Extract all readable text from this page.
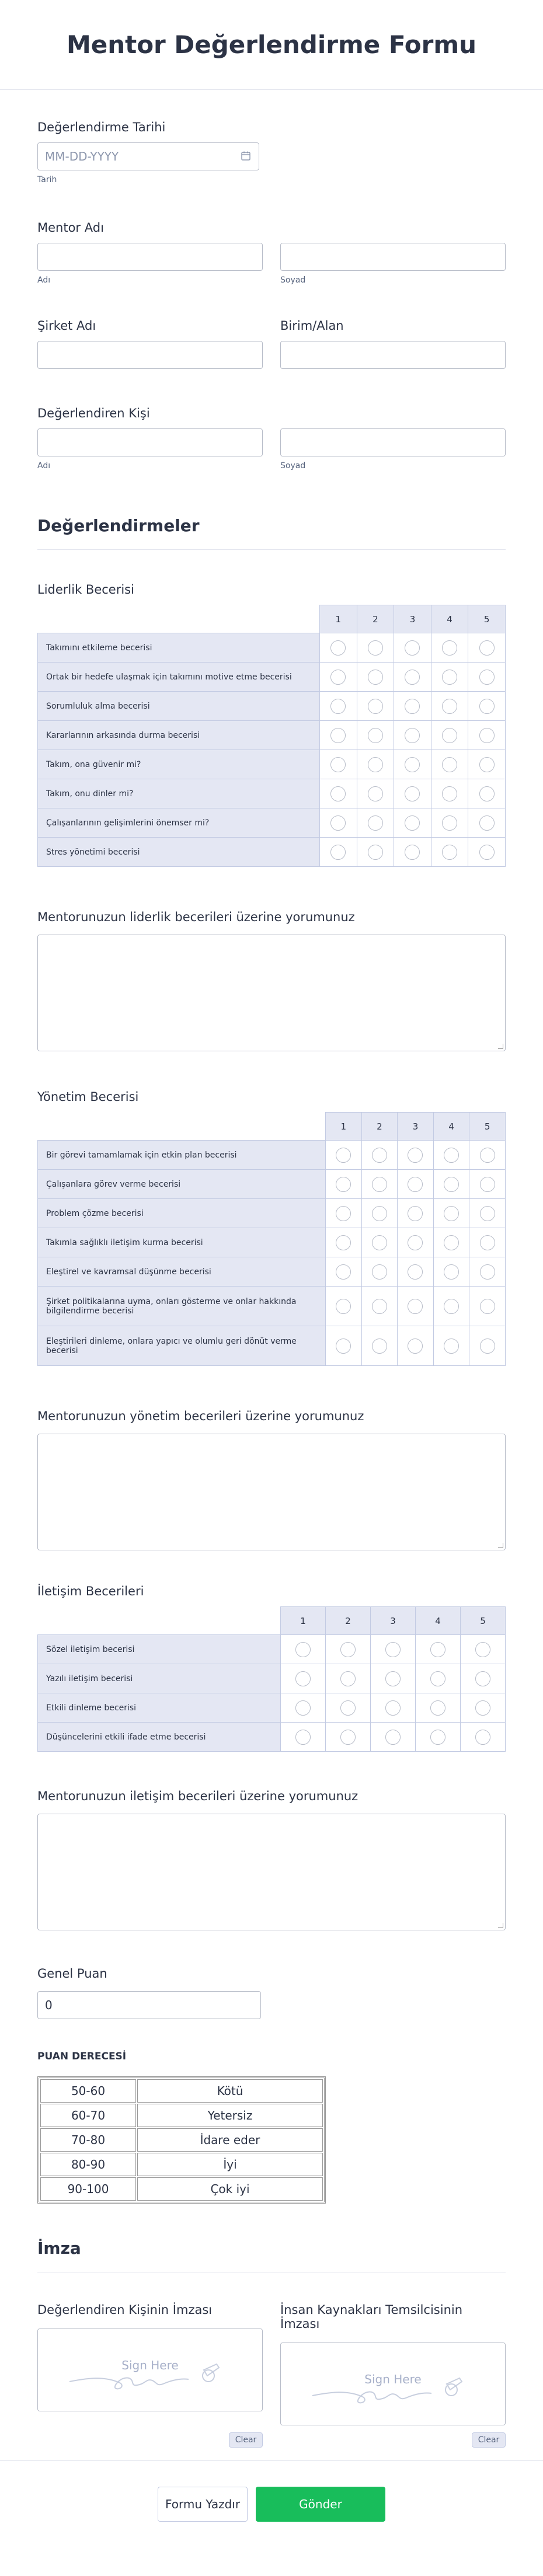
Mentor Değerlendirme Formu
Değerlendirme Tarihi
MM-DD-YYYY
Tarih
Mentor Adı
Adı	Soyad
Şirket Adı	Birim/Alan
Değerlendiren Kişi
Adı	Soyad
Değerlendirmeler
Liderlik Becerisi
	1	2	3	4	5
Takımını etkileme becerisi					
Ortak bir hedefe ulaşmak için takımını motive etme becerisi					
Sorumluluk alma becerisi					
Kararlarının arkasında durma becerisi					
Takım, ona güvenir mi?					
Takım, onu dinler mi?					
Çalışanlarının gelişimlerini önemser mi?					
Stres yönetimi becerisi					
Mentorunuzun liderlik becerileri üzerine yorumunuz
Yönetim Becerisi
	1	2	3	4	5
Bir görevi tamamlamak için etkin plan becerisi					
Çalışanlara görev verme becerisi					
Problem çözme becerisi					
Takımla sağlıklı iletişim kurma becerisi					
Eleştirel ve kavramsal düşünme becerisi					
Şirket politikalarına uyma, onları gösterme ve onlar hakkında bilgilendirme becerisi					
Eleştirileri dinleme, onlara yapıcı ve olumlu geri dönüt verme becerisi					
Mentorunuzun yönetim becerileri üzerine yorumunuz
İletişim Becerileri
	1	2	3	4	5
Sözel iletişim becerisi					
Yazılı iletişim becerisi					
Etkili dinleme becerisi					
Düşüncelerini etkili ifade etme becerisi					
Mentorunuzun iletişim becerileri üzerine yorumunuz
Genel Puan
0
PUAN DERECESİ
50-60	Kötü
60-70	Yetersiz
70-80	İdare eder
80-90	İyi
90-100	Çok iyi
İmza
Değerlendiren Kişinin İmzası
Sign Here
Clear
İnsan Kaynakları Temsilcisinin İmzası
Sign Here
Clear
Formu Yazdır	Gönder
